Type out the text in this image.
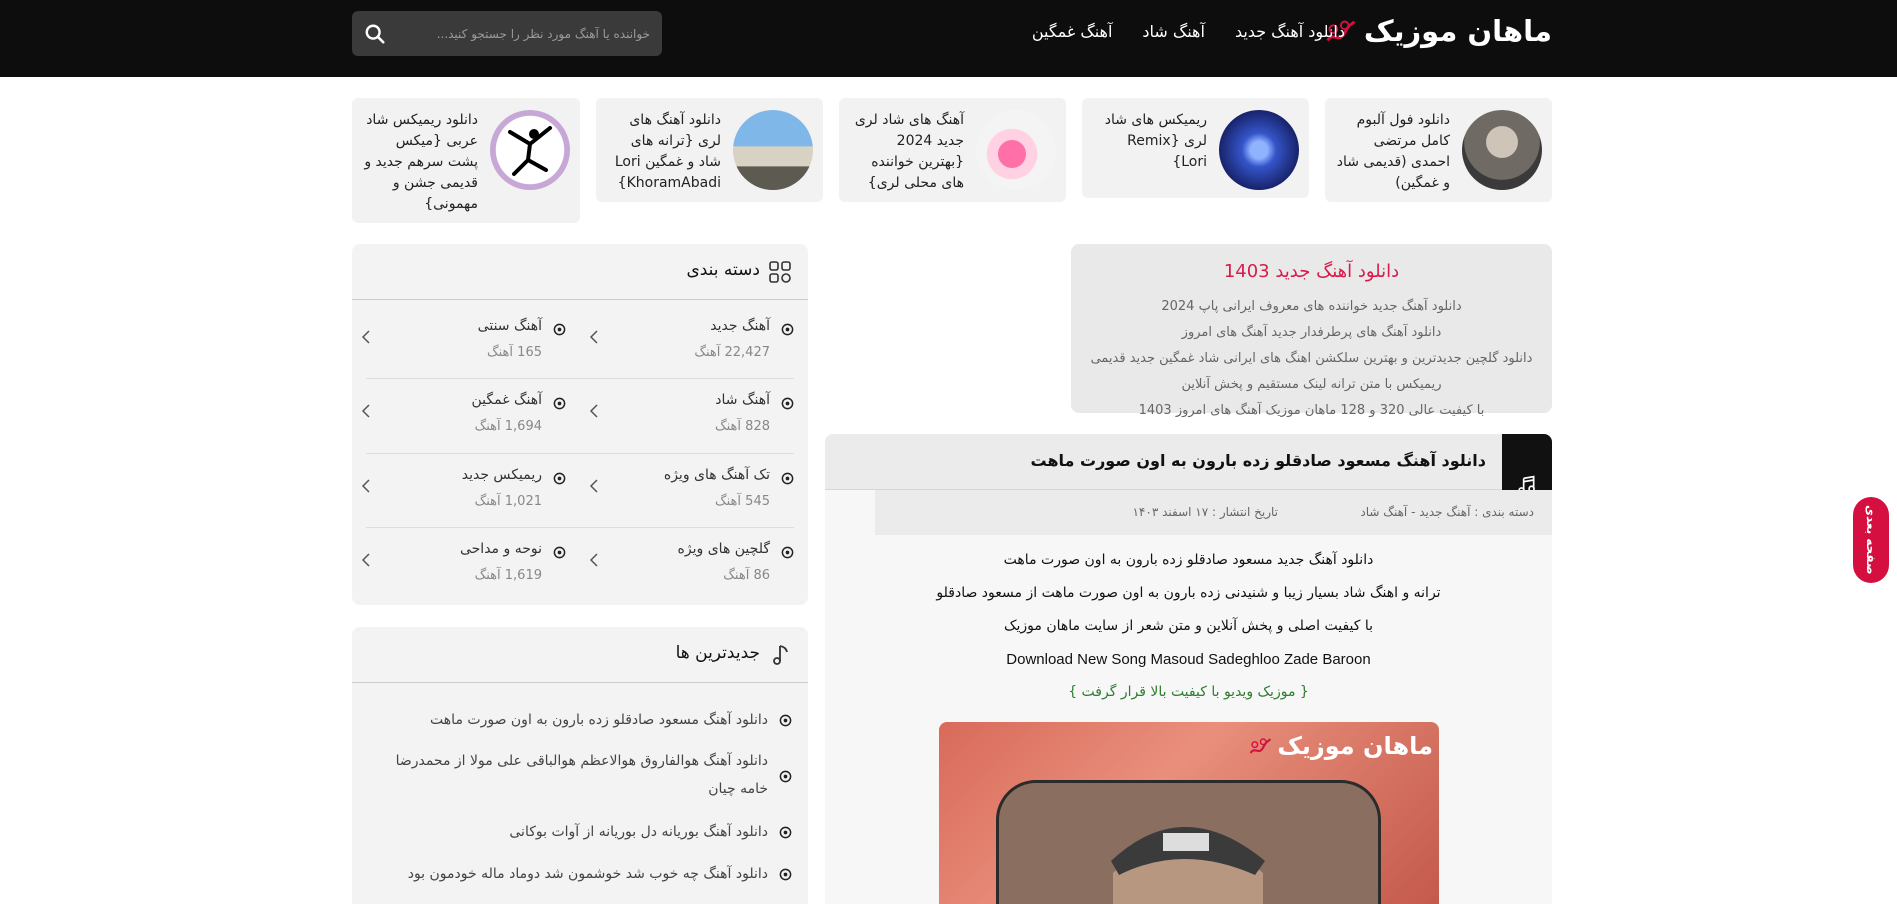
ماهان موزیک
دانلود آهنگ جدید
آهنگ شاد
آهنگ غمگین
خواننده یا آهنگ مورد نظر را جستجو کنید...
دانلود فول آلبوم کامل مرتضی احمدی (قدیمی شاد و غمگین)
ریمیکس های شاد لری {Remix Lori}
آهنگ های شاد لری جدید 2024 {بهترین خواننده های محلی لری}
دانلود آهنگ های لری {ترانه های شاد و غمگین Lori KhoramAbadi}
دانلود ریمیکس شاد عربی {میکس پشت سرهم جدید و قدیمی جشن و مهمونی}
دانلود آهنگ جدید 1403

دانلود آهنگ جدید خواننده های معروف ایرانی پاپ 2024

دانلود آهنگ های پرطرفدار جدید آهنگ های امروز

دانلود گلچین جدیدترین و بهترین سلکشن اهنگ های ایرانی شاد غمگین جدید قدیمی ریمیکس با متن ترانه لینک مستقیم و پخش آنلاین

با کیفیت عالی 320 و 128 ماهان موزیک آهنگ های امروز 1403

دانلود آهنگ مسعود صادقلو زده بارون به اون صورت ماهت
دسته بندی : آهنگ جدید - آهنگ شاد
تاریخ انتشار : ۱۷ اسفند ۱۴۰۳

دانلود آهنگ جدید مسعود صادقلو زده بارون به اون صورت ماهت

ترانه و اهنگ شاد بسیار زیبا و شنیدنی زده بارون به اون صورت ماهت از مسعود صادقلو

با کیفیت اصلی و پخش آنلاین و متن شعر از سایت ماهان موزیک

Download New Song Masoud Sadeghloo Zade Baroon

{ موزیک ویدیو با کیفیت بالا قرار گرفت }

ماهان موزیک
دسته بندی
آهنگ جدید
22,427 آهنگ
آهنگ سنتی
165 آهنگ
آهنگ شاد
828 آهنگ
آهنگ غمگین
1,694 آهنگ
تک آهنگ های ویژه
545 آهنگ
ریمیکس جدید
1,021 آهنگ
گلچین های ویژه
86 آهنگ
نوحه و مداحی
1,619 آهنگ
جدیدترین ها
دانلود آهنگ مسعود صادقلو زده بارون به اون صورت ماهت
دانلود آهنگ هوالفاروق هوالاعظم هوالباقی علی مولا از محمدرضا خامه چیان
دانلود آهنگ بوریانه دل بوریانه از آوات بوکانی
دانلود آهنگ چه خوب شد خوشمون شد دوماد ماله خودمون بود
صفحه بعدی
